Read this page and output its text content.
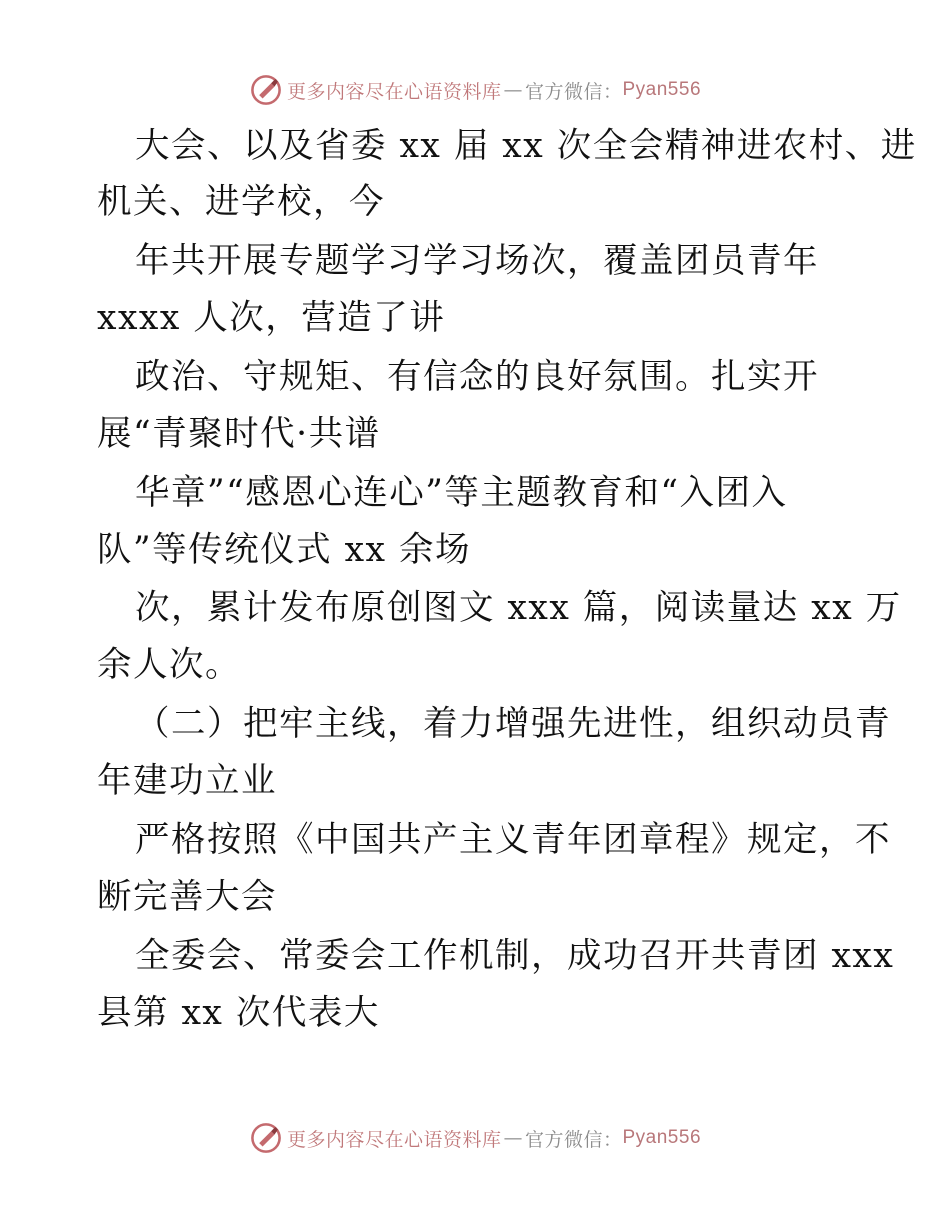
更多内容尽在心语资料库 — 官方微信： Pyan556
大会、以及省委 xx 届 xx 次全会精神进农村、进
机关、进学校，今
年共开展专题学习学习场次，覆盖团员青年
xxxx 人次，营造了讲
政治、守规矩、有信念的良好氛围。扎实开
展“青聚时代·共谱
华章”“感恩心连心”等主题教育和“入团入
队”等传统仪式 xx 余场
次，累计发布原创图文 xxx 篇，阅读量达 xx 万
余人次。
（二）把牢主线，着力增强先进性，组织动员青
年建功立业
严格按照《中国共产主义青年团章程》规定，不
断完善大会
全委会、常委会工作机制，成功召开共青团 xxx
县第 xx 次代表大
更多内容尽在心语资料库 — 官方微信： Pyan556
